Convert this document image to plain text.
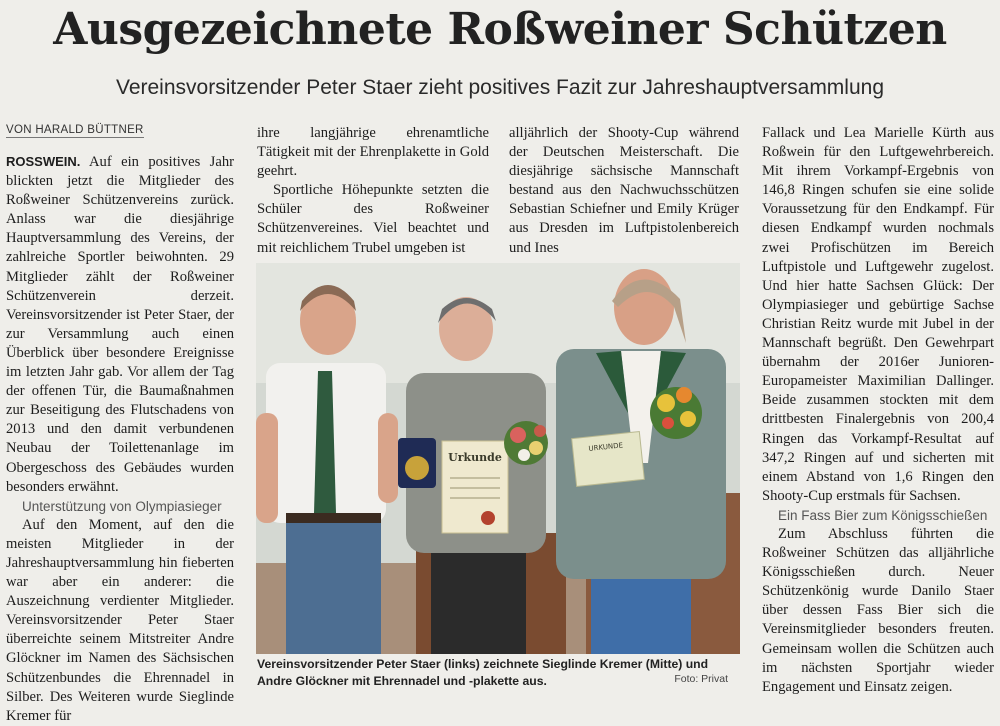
Ausgezeichnete Roßweiner Schützen
Vereinsvorsitzender Peter Staer zieht positives Fazit zur Jahreshauptversammlung
VON HARALD BÜTTNER

ROSSWEIN. Auf ein positives Jahr blickten jetzt die Mitglieder des Roßweiner Schützenvereins zurück. Anlass war die diesjährige Hauptversammlung des Vereins, der zahlreiche Sportler beiwohnten. 29 Mitglieder zählt der Roßweiner Schützenverein derzeit. Vereinsvorsitzender ist Peter Staer, der zur Versammlung auch einen Überblick über besondere Ereignisse im letzten Jahr gab. Vor allem der Tag der offenen Tür, die Baumaßnahmen zur Beseitigung des Flutschadens von 2013 und den damit verbundenen Neubau der Toilettenanlage im Obergeschoss des Gebäudes wurden besonders erwähnt.

Unterstützung von Olympiasieger

Auf den Moment, auf den die meisten Mitglieder in der Jahreshauptversammlung hin fieberten war aber ein anderer: die Auszeichnung verdienter Mitglieder. Vereinsvorsitzender Peter Staer überreichte seinem Mitstreiter Andre Glöckner im Namen des Sächsischen Schützenbundes die Ehrennadel in Silber. Des Weiteren wurde Sieglinde Kremer für

ihre langjährige ehrenamtliche Tätigkeit mit der Ehrenplakette in Gold geehrt.

Sportliche Höhepunkte setzten die Schüler des Roßweiner Schützenvereines. Viel beachtet und mit reichlichem Trubel umgeben ist

alljährlich der Shooty-Cup während der Deutschen Meisterschaft. Die diesjährige sächsische Mannschaft bestand aus den Nachwuchsschützen Sebastian Schiefner und Emily Krüger aus Dresden im Luftpistolenbereich und Ines

Fallack und Lea Marielle Kürth aus Roßwein für den Luftgewehrbereich. Mit ihrem Vorkampf-Ergebnis von 146,8 Ringen schufen sie eine solide Voraussetzung für den Endkampf. Für diesen Endkampf wurden nochmals zwei Profischützen im Bereich Luftpistole und Luftgewehr zugelost. Und hier hatte Sachsen Glück: Der Olympiasieger und gebürtige Sachse Christian Reitz wurde mit Jubel in der Mannschaft begrüßt. Den Gewehrpart übernahm der 2016er Junioren-Europameister Maximilian Dallinger. Beide zusammen stockten mit dem drittbesten Finalergebnis von 200,4 Ringen das Vorkampf-Resultat auf 347,2 Ringen auf und sicherten mit einem Abstand von 1,6 Ringen den Shooty-Cup erstmals für Sachsen.

Ein Fass Bier zum Königsschießen

Zum Abschluss führten die Roßweiner Schützen das alljährliche Königsschießen durch. Neuer Schützenkönig wurde Danilo Staer über dessen Fass Bier sich die Vereinsmitglieder besonders freuten. Gemeinsam wollen die Schützen auch im nächsten Sportjahr wieder Engagement und Einsatz zeigen.

Urkunde
URKUNDE
Vereinsvorsitzender Peter Staer (links) zeichnete Sieglinde Kremer (Mitte) und Andre Glöckner mit Ehrennadel und -plakette aus.	Foto: Privat
